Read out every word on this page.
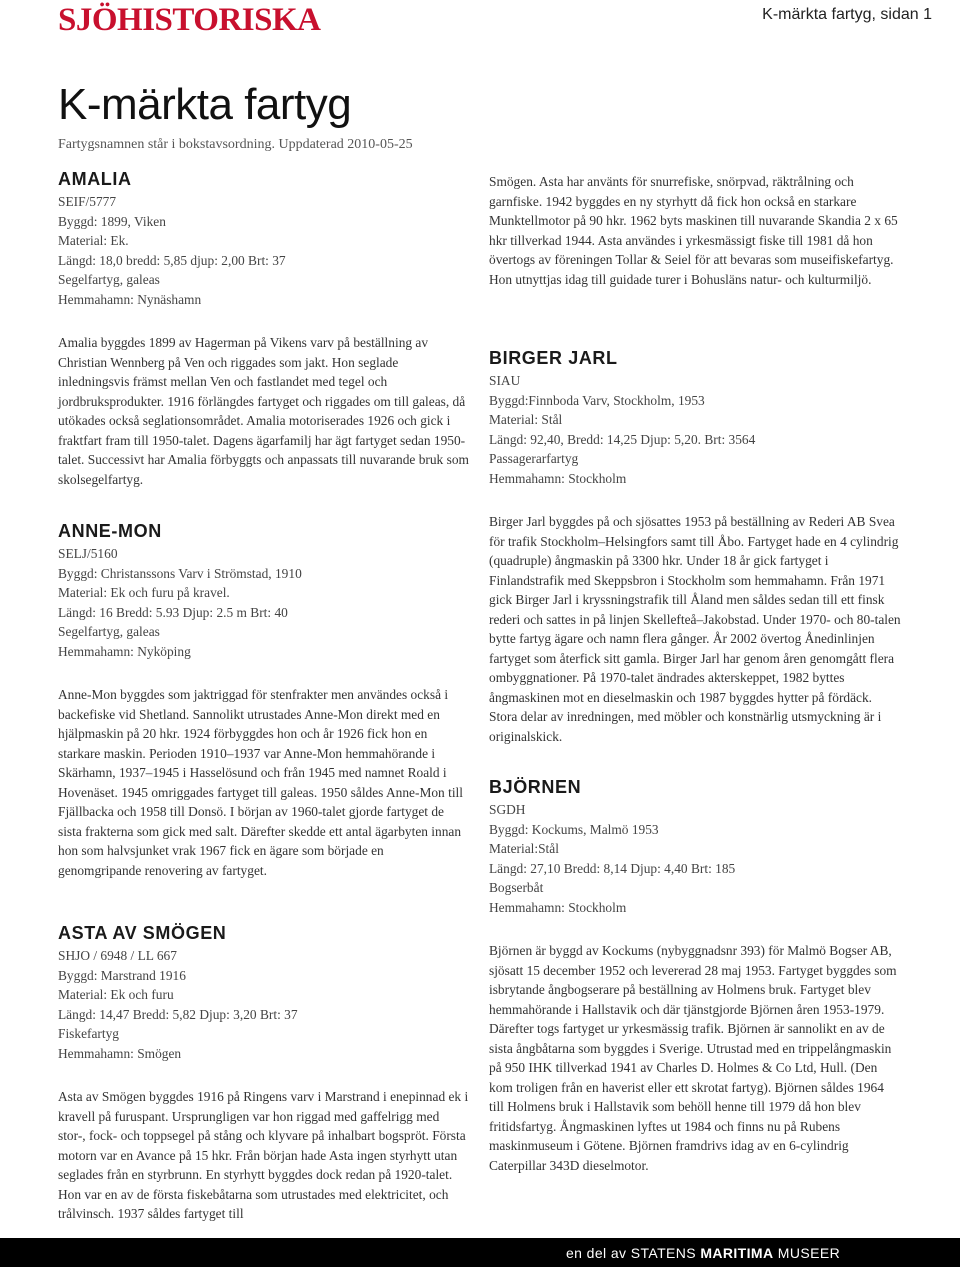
SJÖHISTORISKA	K-märkta fartyg, sidan 1
K-märkta fartyg
Fartygsnamnen står i bokstavsordning. Uppdaterad 2010-05-25
AMALIA
SEIF/5777
Byggd: 1899, Viken
Material: Ek.
Längd: 18,0 bredd: 5,85 djup: 2,00 Brt: 37
Segelfartyg, galeas
Hemmahamn: Nynäshamn

Amalia byggdes 1899 av Hagerman på Vikens varv på beställning av Christian Wennberg på Ven och riggades som jakt. Hon seglade inledningsvis främst mellan Ven och fastlandet med tegel och jordbruksprodukter. 1916 förlängdes fartyget och riggades om till galeas, då utökades också seglationsområdet. Amalia motoriserades 1926 och gick i fraktfart fram till 1950-talet. Dagens ägarfamilj har ägt fartyget sedan 1950-talet. Successivt har Amalia förbyggts och anpassats till nuvarande bruk som skolsegelfartyg.

ANNE-MON
SELJ/5160
Byggd: Christanssons Varv i Strömstad, 1910
Material: Ek och furu på kravel.
Längd: 16 Bredd: 5.93 Djup: 2.5 m Brt: 40
Segelfartyg, galeas
Hemmahamn: Nyköping

Anne-Mon byggdes som jaktriggad för stenfrakter men användes också i backefiske vid Shetland. Sannolikt utrustades Anne-Mon direkt med en hjälpmaskin på 20 hkr. 1924 förbyggdes hon och år 1926 fick hon en starkare maskin. Perioden 1910–1937 var Anne-Mon hemmahörande i Skärhamn, 1937–1945 i Hasselösund och från 1945 med namnet Roald i Hovenäset. 1945 omriggades fartyget till galeas. 1950 såldes Anne-Mon till Fjällbacka och 1958 till Donsö. I början av 1960-talet gjorde fartyget de sista frakterna som gick med salt. Därefter skedde ett antal ägarbyten innan hon som halvsjunket vrak 1967 fick en ägare som började en genomgripande renovering av fartyget.

ASTA AV SMÖGEN
SHJO / 6948 / LL 667
Byggd: Marstrand 1916
Material: Ek och furu
Längd: 14,47 Bredd: 5,82 Djup: 3,20 Brt: 37
Fiskefartyg
Hemmahamn: Smögen

Asta av Smögen byggdes 1916 på Ringens varv i Marstrand i enepinnad ek i kravell på furuspant. Ursprungligen var hon riggad med gaffelrigg med stor-, fock- och toppsegel på stång och klyvare på inhalbart bogspröt. Första motorn var en Avance på 15 hkr. Från början hade Asta ingen styrhytt utan seglades från en styrbrunn. En styrhytt byggdes dock redan på 1920-talet. Hon var en av de första fiskebåtarna som utrustades med elektricitet, och trålvinsch. 1937 såldes fartyget till

Smögen. Asta har använts för snurrefiske, snörpvad, räktrålning och garnfiske. 1942 byggdes en ny styrhytt då fick hon också en starkare Munktellmotor på 90 hkr. 1962 byts maskinen till nuvarande Skandia 2 x 65 hkr tillverkad 1944. Asta användes i yrkesmässigt fiske till 1981 då hon övertogs av föreningen Tollar & Seiel för att bevaras som museifiskefartyg. Hon utnyttjas idag till guidade turer i Bohusläns natur- och kulturmiljö.

BIRGER JARL
SIAU
Byggd:Finnboda Varv, Stockholm, 1953
Material: Stål
Längd: 92,40, Bredd: 14,25 Djup: 5,20. Brt: 3564
Passagerarfartyg
Hemmahamn: Stockholm

Birger Jarl byggdes på och sjösattes 1953 på beställning av Rederi AB Svea för trafik Stockholm–Helsingfors samt till Åbo. Fartyget hade en 4 cylindrig (quadruple) ångmaskin på 3300 hkr. Under 18 år gick fartyget i Finlandstrafik med Skeppsbron i Stockholm som hemmahamn. Från 1971 gick Birger Jarl i kryssningstrafik till Åland men såldes sedan till ett finsk rederi och sattes in på linjen Skellefteå–Jakobstad. Under 1970- och 80-talen bytte fartyg ägare och namn flera gånger. År 2002 övertog Ånedinlinjen fartyget som återfick sitt gamla. Birger Jarl har genom åren genomgått flera ombyggnationer. På 1970-talet ändrades akterskeppet, 1982 byttes ångmaskinen mot en dieselmaskin och 1987 byggdes hytter på fördäck. Stora delar av inredningen, med möbler och konstnärlig utsmyckning är i originalskick.

BJÖRNEN
SGDH
Byggd: Kockums, Malmö 1953
Material:Stål
Längd: 27,10 Bredd: 8,14 Djup: 4,40 Brt: 185
Bogserbåt
Hemmahamn: Stockholm

Björnen är byggd av Kockums (nybyggnadsnr 393) för Malmö Bogser AB, sjösatt 15 december 1952 och levererad 28 maj 1953. Fartyget byggdes som isbrytande ångbogserare på beställning av Holmens bruk. Fartyget blev hemmahörande i Hallstavik och där tjänstgjorde Björnen åren 1953-1979. Därefter togs fartyget ur yrkesmässig trafik. Björnen är sannolikt en av de sista ångbåtarna som byggdes i Sverige. Utrustad med en trippelångmaskin på 950 IHK tillverkad 1941 av Charles D. Holmes & Co Ltd, Hull. (Den kom troligen från en haverist eller ett skrotat fartyg). Björnen såldes 1964 till Holmens bruk i Hallstavik som behöll henne till 1979 då hon blev fritidsfartyg. Ångmaskinen lyftes ut 1984 och finns nu på Rubens maskinmuseum i Götene. Björnen framdrivs idag av en 6-cylindrig Caterpillar 343D dieselmotor.

en del av STATENS MARITIMA MUSEER
